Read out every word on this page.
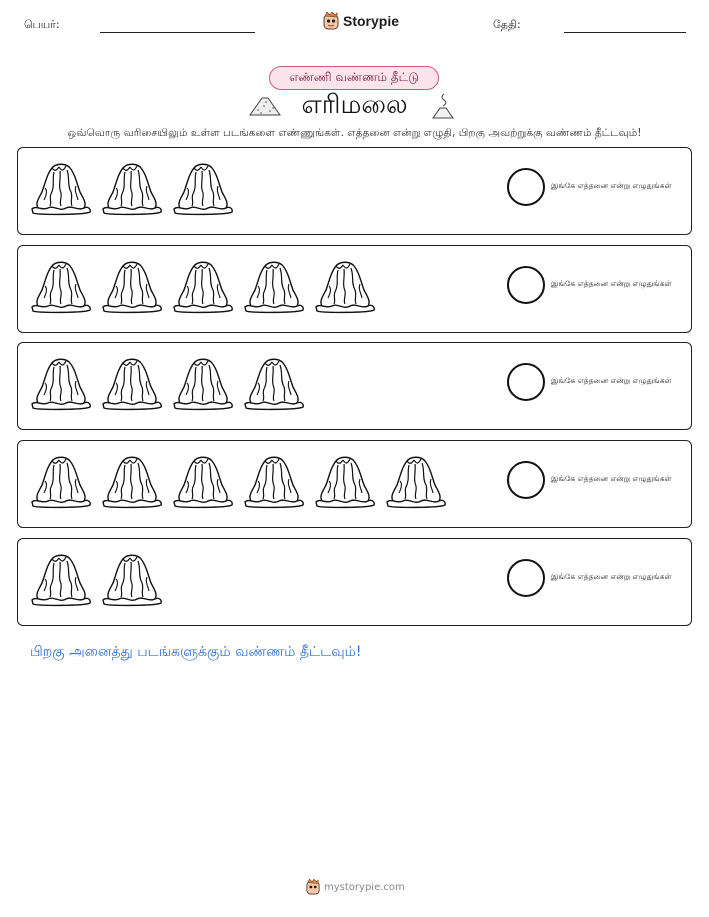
பெயர்:	Storypie	தேதி:
எண்ணி வண்ணம் தீட்டு
எரிமலை
ஒவ்வொரு வரிசையிலும் உள்ள படங்களை எண்ணுங்கள். எத்தனை என்று எழுதி, பிறகு அவற்றுக்கு வண்ணம் தீட்டவும்!
இங்கே எத்தனை என்று எழுதுங்கள்
இங்கே எத்தனை என்று எழுதுங்கள்
இங்கே எத்தனை என்று எழுதுங்கள்
இங்கே எத்தனை என்று எழுதுங்கள்
இங்கே எத்தனை என்று எழுதுங்கள்
பிறகு அனைத்து படங்களுக்கும் வண்ணம் தீட்டவும்!
mystorypie.com
